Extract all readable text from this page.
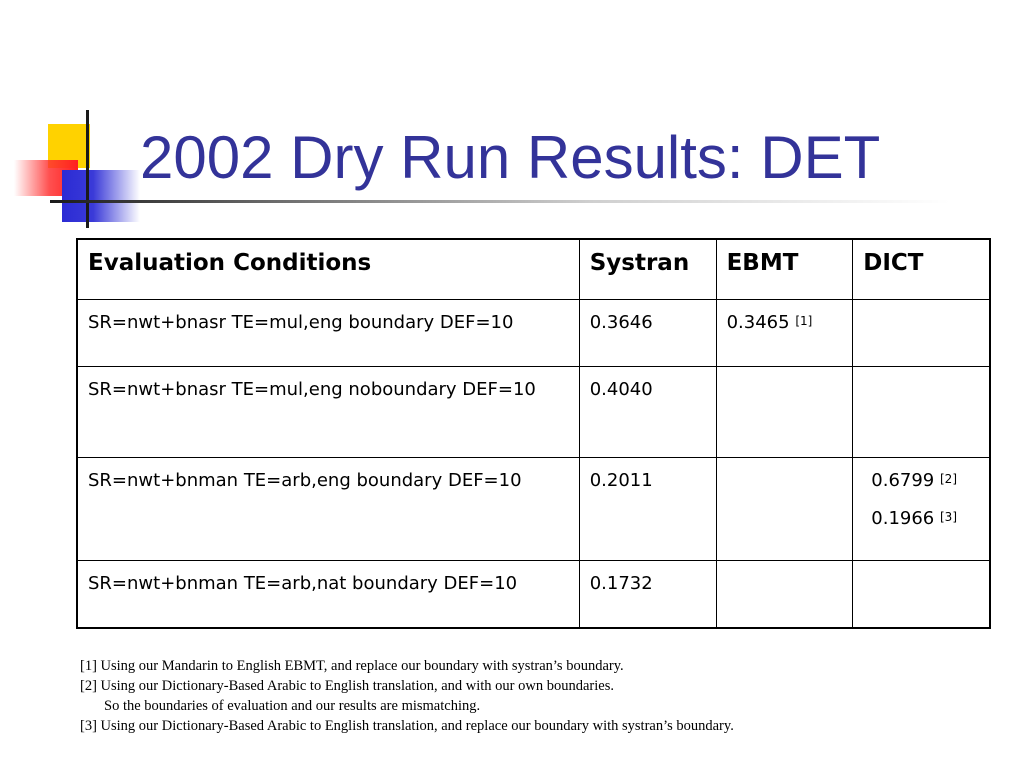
2002 Dry Run Results: DET
Evaluation Conditions	Systran	EBMT	DICT
SR=nwt+bnasr TE=mul,eng boundary DEF=10	0.3646	0.3465 [1]	
SR=nwt+bnasr TE=mul,eng noboundary DEF=10	0.4040		
SR=nwt+bnman TE=arb,eng boundary DEF=10	0.2011		0.6799 [2]
0.1966 [3]

SR=nwt+bnman TE=arb,nat boundary DEF=10	0.1732		
[1] Using our Mandarin to English EBMT, and replace our boundary with systran’s boundary.
[2] Using our Dictionary-Based Arabic to English translation, and with our own boundaries.
So the boundaries of evaluation and our results are mismatching.
[3] Using our Dictionary-Based Arabic to English translation, and replace our boundary with systran’s boundary.
